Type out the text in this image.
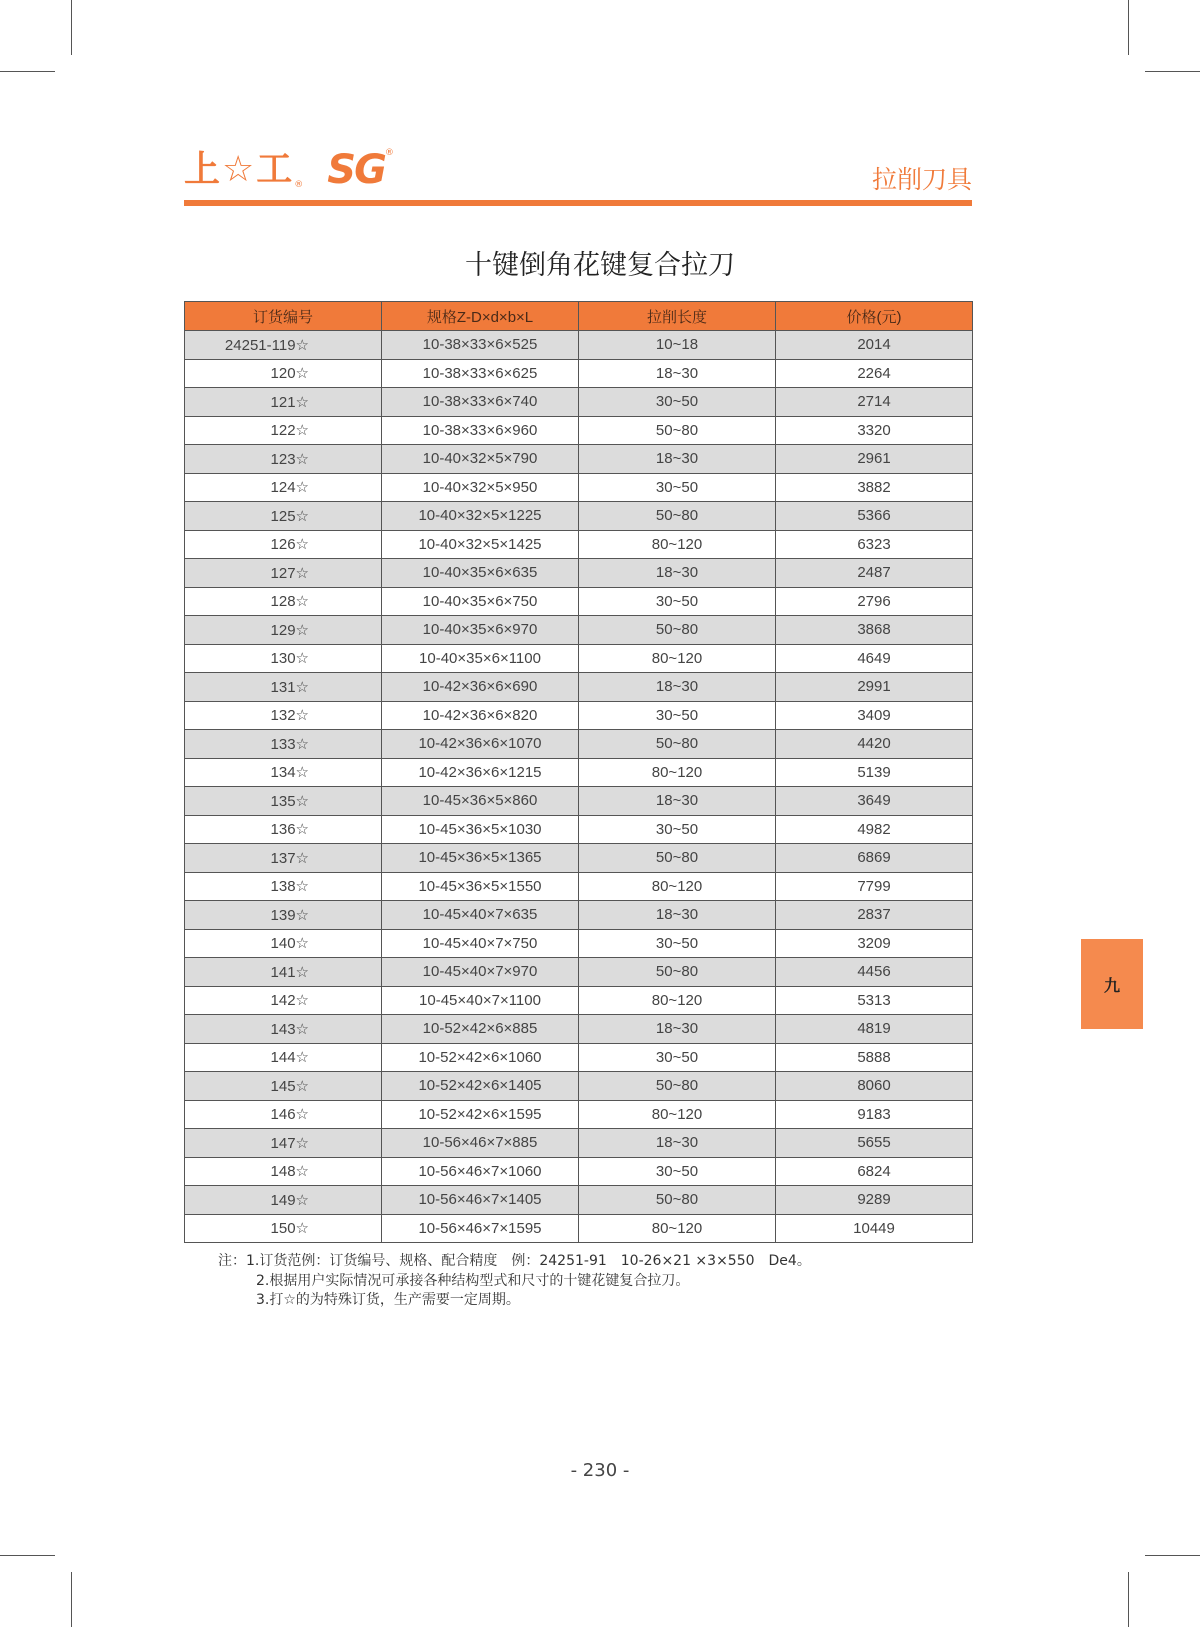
上☆工 ® SG ®
拉削刀具
十键倒角花键复合拉刀
订货编号	规格Z-D×d×b×L	拉削长度	价格(元)
24251-119☆	10-38×33×6×525	10~18	2014
120☆	10-38×33×6×625	18~30	2264
121☆	10-38×33×6×740	30~50	2714
122☆	10-38×33×6×960	50~80	3320
123☆	10-40×32×5×790	18~30	2961
124☆	10-40×32×5×950	30~50	3882
125☆	10-40×32×5×1225	50~80	5366
126☆	10-40×32×5×1425	80~120	6323
127☆	10-40×35×6×635	18~30	2487
128☆	10-40×35×6×750	30~50	2796
129☆	10-40×35×6×970	50~80	3868
130☆	10-40×35×6×1100	80~120	4649
131☆	10-42×36×6×690	18~30	2991
132☆	10-42×36×6×820	30~50	3409
133☆	10-42×36×6×1070	50~80	4420
134☆	10-42×36×6×1215	80~120	5139
135☆	10-45×36×5×860	18~30	3649
136☆	10-45×36×5×1030	30~50	4982
137☆	10-45×36×5×1365	50~80	6869
138☆	10-45×36×5×1550	80~120	7799
139☆	10-45×40×7×635	18~30	2837
140☆	10-45×40×7×750	30~50	3209
141☆	10-45×40×7×970	50~80	4456
142☆	10-45×40×7×1100	80~120	5313
143☆	10-52×42×6×885	18~30	4819
144☆	10-52×42×6×1060	30~50	5888
145☆	10-52×42×6×1405	50~80	8060
146☆	10-52×42×6×1595	80~120	9183
147☆	10-56×46×7×885	18~30	5655
148☆	10-56×46×7×1060	30~50	6824
149☆	10-56×46×7×1405	50~80	9289
150☆	10-56×46×7×1595	80~120	10449
注：1.订货范例：订货编号、规格、配合精度　例：24251-91　10-26×21 ×3×550　De4。
2.根据用户实际情况可承接各种结构型式和尺寸的十键花键复合拉刀。
3.打☆的为特殊订货，生产需要一定周期。
九
- 230 -
